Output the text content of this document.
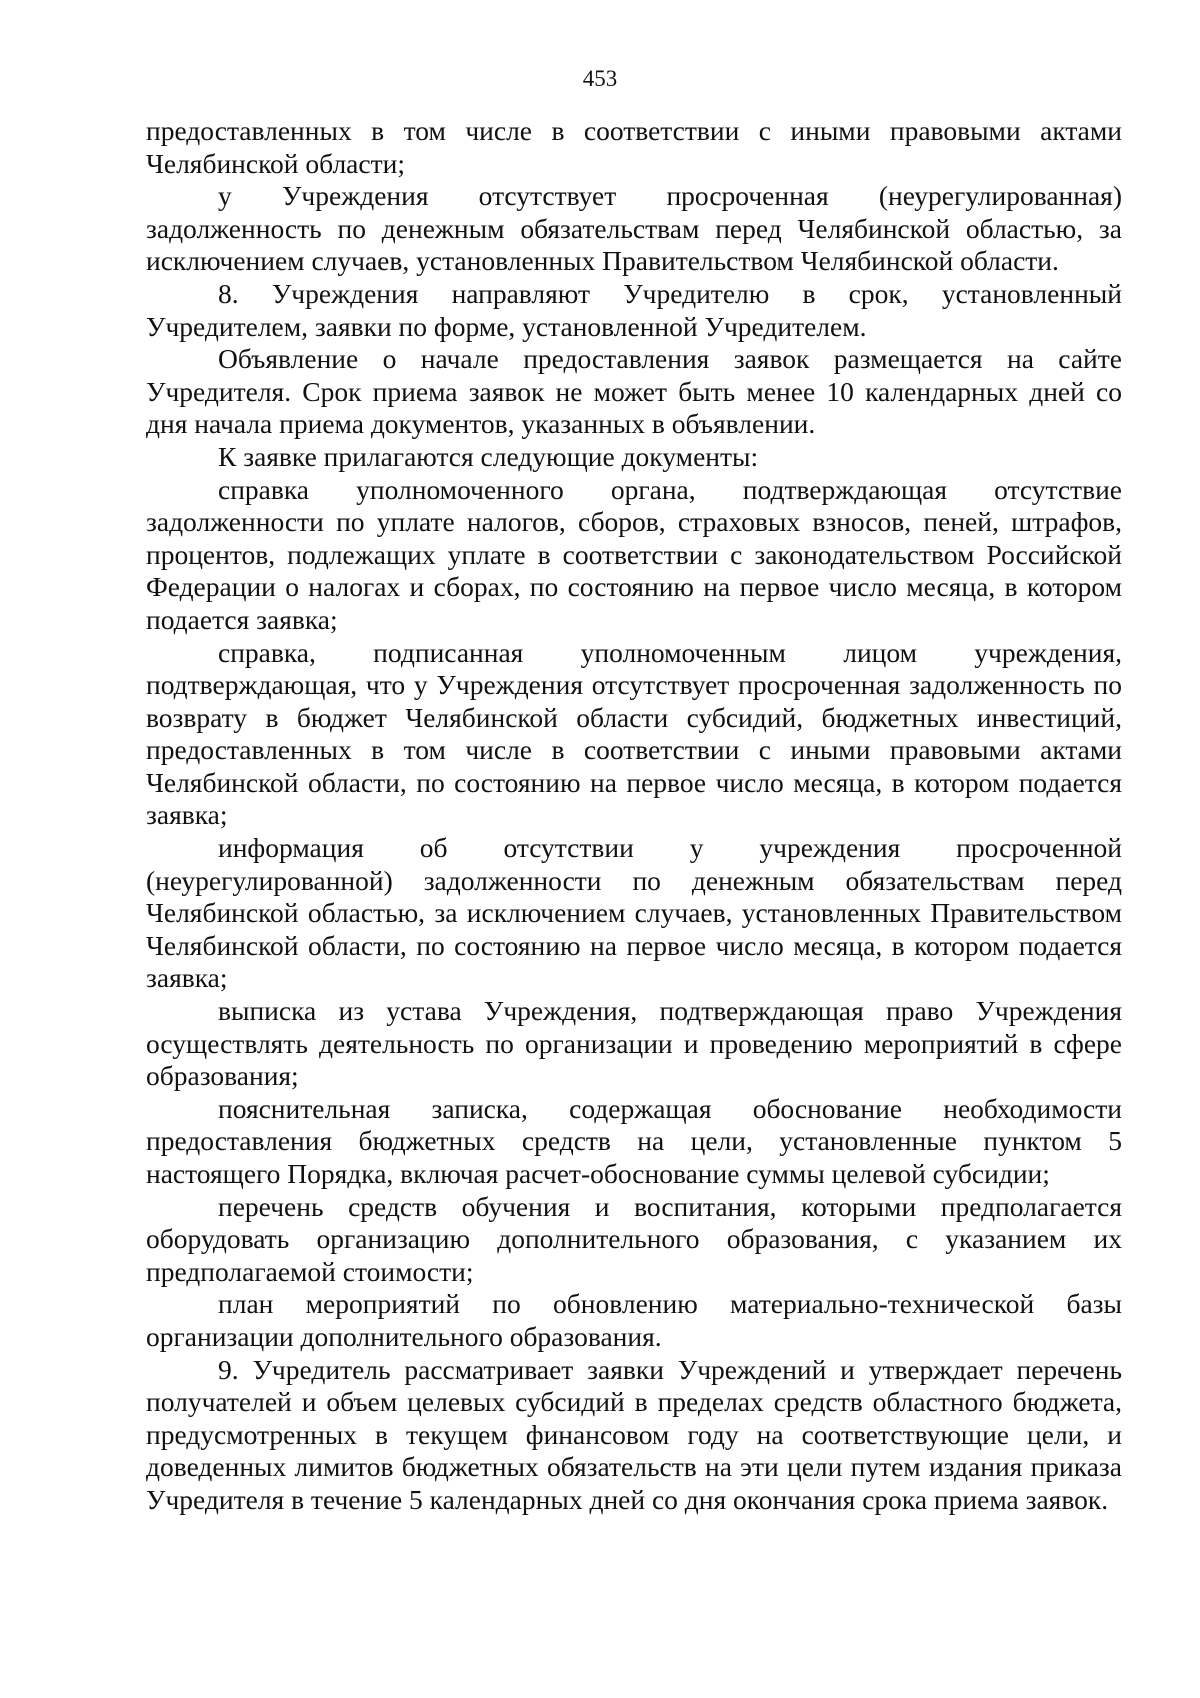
453

предоставленных в том числе в соответствии с иными правовыми актами Челябинской области;

у Учреждения отсутствует просроченная (неурегулированная) задолженность по денежным обязательствам перед Челябинской областью, за исключением случаев, установленных Правительством Челябинской области.

8. Учреждения направляют Учредителю в срок, установленный Учредителем, заявки по форме, установленной Учредителем.

Объявление о начале предоставления заявок размещается на сайте Учредителя. Срок приема заявок не может быть менее 10 календарных дней со дня начала приема документов, указанных в объявлении.

К заявке прилагаются следующие документы:

справка уполномоченного органа, подтверждающая отсутствие задолженности по уплате налогов, сборов, страховых взносов, пеней, штрафов, процентов, подлежащих уплате в соответствии с законодательством Российской Федерации о налогах и сборах, по состоянию на первое число месяца, в котором подается заявка;

справка, подписанная уполномоченным лицом учреждения, подтверждающая, что у Учреждения отсутствует просроченная задолженность по возврату в бюджет Челябинской области субсидий, бюджетных инвестиций, предоставленных в том числе в соответствии с иными правовыми актами Челябинской области, по состоянию на первое число месяца, в котором подается заявка;

информация об отсутствии у учреждения просроченной (неурегулированной) задолженности по денежным обязательствам перед Челябинской областью, за исключением случаев, установленных Правительством Челябинской области, по состоянию на первое число месяца, в котором подается заявка;

выписка из устава Учреждения, подтверждающая право Учреждения осуществлять деятельность по организации и проведению мероприятий в сфере образования;

пояснительная записка, содержащая обоснование необходимости предоставления бюджетных средств на цели, установленные пунктом 5 настоящего Порядка, включая расчет-обоснование суммы целевой субсидии;

перечень средств обучения и воспитания, которыми предполагается оборудовать организацию дополнительного образования, с указанием их предполагаемой стоимости;

план мероприятий по обновлению материально-технической базы организации дополнительного образования.

9. Учредитель рассматривает заявки Учреждений и утверждает перечень получателей и объем целевых субсидий в пределах средств областного бюджета, предусмотренных в текущем финансовом году на соответствующие цели, и доведенных лимитов бюджетных обязательств на эти цели путем издания приказа Учредителя в течение 5 календарных дней со дня окончания срока приема заявок.
